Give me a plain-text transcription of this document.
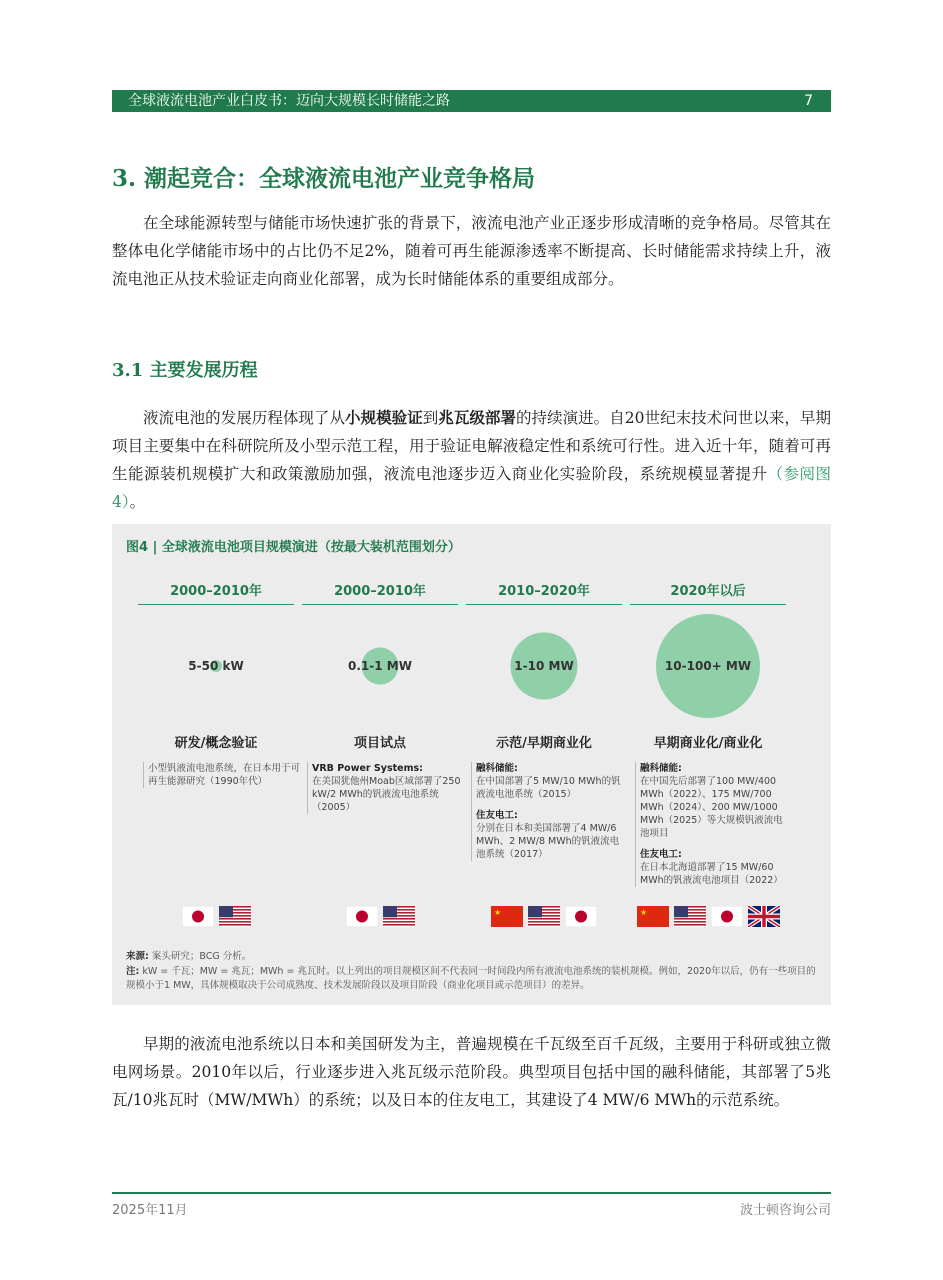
全球液流电池产业白皮书：迈向大规模长时储能之路	7
3. 潮起竞合：全球液流电池产业竞争格局

在全球能源转型与储能市场快速扩张的背景下，液流电池产业正逐步形成清晰的竞争格局。尽管其在整体电化学储能市场中的占比仍不足2%，随着可再生能源渗透率不断提高、长时储能需求持续上升，液流电池正从技术验证走向商业化部署，成为长时储能体系的重要组成部分。

3.1 主要发展历程

液流电池的发展历程体现了从小规模验证到兆瓦级部署的持续演进。自20世纪末技术问世以来，早期项目主要集中在科研院所及小型示范工程，用于验证电解液稳定性和系统可行性。进入近十年，随着可再生能源装机规模扩大和政策激励加强，液流电池逐步迈入商业化实验阶段，系统规模显著提升（参阅图4）。

图4 | 全球液流电池项目规模演进（按最大装机范围划分）
2000–2010年
5-50 kW
研发/概念验证
小型钒液流电池系统，在日本用于可再生能源研究（1990年代）
2000–2010年
0.1-1 MW
项目试点
VRB Power Systems:
在美国犹他州Moab区域部署了250 kW/2 MWh的钒液流电池系统（2005）
2010–2020年
1-10 MW
示范/早期商业化
融科储能:
在中国部署了5 MW/10 MWh的钒液流电池系统（2015）
住友电工:
分别在日本和美国部署了4 MW/6 MWh、2 MW/8 MWh的钒液流电池系统（2017）
★
2020年以后
10-100+ MW
早期商业化/商业化
融科储能:
在中国先后部署了100 MW/400 MWh（2022）、175 MW/700 MWh（2024）、200 MW/1000 MWh（2025）等大规模钒液流电池项目
住友电工:
在日本北海道部署了15 MW/60 MWh的钒液流电池项目（2022）
★
来源: 案头研究；BCG 分析。
注: kW = 千瓦；MW = 兆瓦；MWh = 兆瓦时。以上列出的项目规模区间不代表同一时间段内所有液流电池系统的装机规模。例如，2020年以后，仍有一些项目的规模小于1 MW，具体规模取决于公司成熟度、技术发展阶段以及项目阶段（商业化项目或示范项目）的差异。

早期的液流电池系统以日本和美国研发为主，普遍规模在千瓦级至百千瓦级，主要用于科研或独立微电网场景。2010年以后，行业逐步进入兆瓦级示范阶段。典型项目包括中国的融科储能，其部署了5兆瓦/10兆瓦时（MW/MWh）的系统；以及日本的住友电工，其建设了4 MW/6 MWh的示范系统。

2025年11月	波士顿咨询公司
